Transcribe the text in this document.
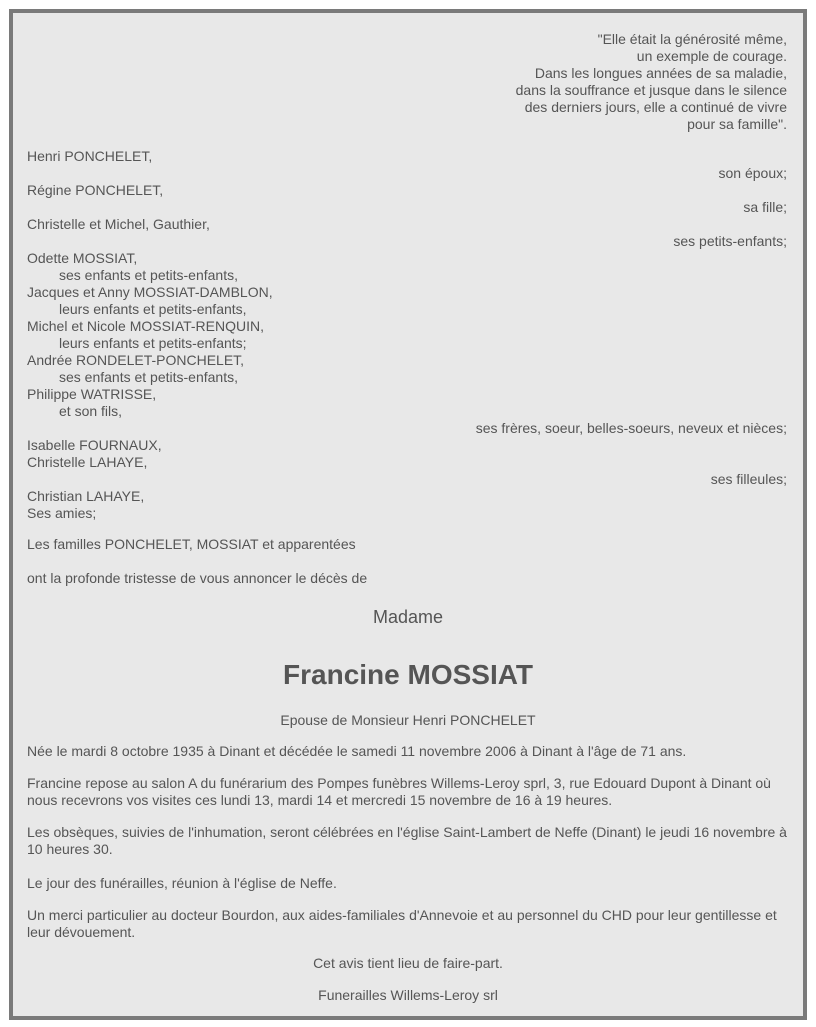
"Elle était la générosité même,
un exemple de courage.
Dans les longues années de sa maladie,
dans la souffrance et jusque dans le silence
des derniers jours, elle a continué de vivre
pour sa famille".
Henri PONCHELET,
son époux;
Régine PONCHELET,
sa fille;
Christelle et Michel, Gauthier,
ses petits-enfants;
Odette MOSSIAT,
ses enfants et petits-enfants,
Jacques et Anny MOSSIAT-DAMBLON,
leurs enfants et petits-enfants,
Michel et Nicole MOSSIAT-RENQUIN,
leurs enfants et petits-enfants;
Andrée RONDELET-PONCHELET,
ses enfants et petits-enfants,
Philippe WATRISSE,
et son fils,
ses frères, soeur, belles-soeurs, neveux et nièces;
Isabelle FOURNAUX,
Christelle LAHAYE,
ses filleules;
Christian LAHAYE,
Ses amies;
Les familles PONCHELET, MOSSIAT et apparentées
ont la profonde tristesse de vous annoncer le décès de
Madame
Francine MOSSIAT
Epouse de Monsieur Henri PONCHELET
Née le mardi 8 octobre 1935 à Dinant et décédée le samedi 11 novembre 2006 à Dinant à l'âge de 71 ans.
Francine repose au salon A du funérarium des Pompes funèbres Willems-Leroy sprl, 3, rue Edouard Dupont à Dinant où nous recevrons vos visites ces lundi 13, mardi 14 et mercredi 15 novembre de 16 à 19 heures.
Les obsèques, suivies de l'inhumation, seront célébrées en l'église Saint-Lambert de Neffe (Dinant) le jeudi 16 novembre à 10 heures 30.
Le jour des funérailles, réunion à l'église de Neffe.
Un merci particulier au docteur Bourdon, aux aides-familiales d'Annevoie et au personnel du CHD pour leur gentillesse et leur dévouement.
Cet avis tient lieu de faire-part.
Funerailles Willems-Leroy srl
